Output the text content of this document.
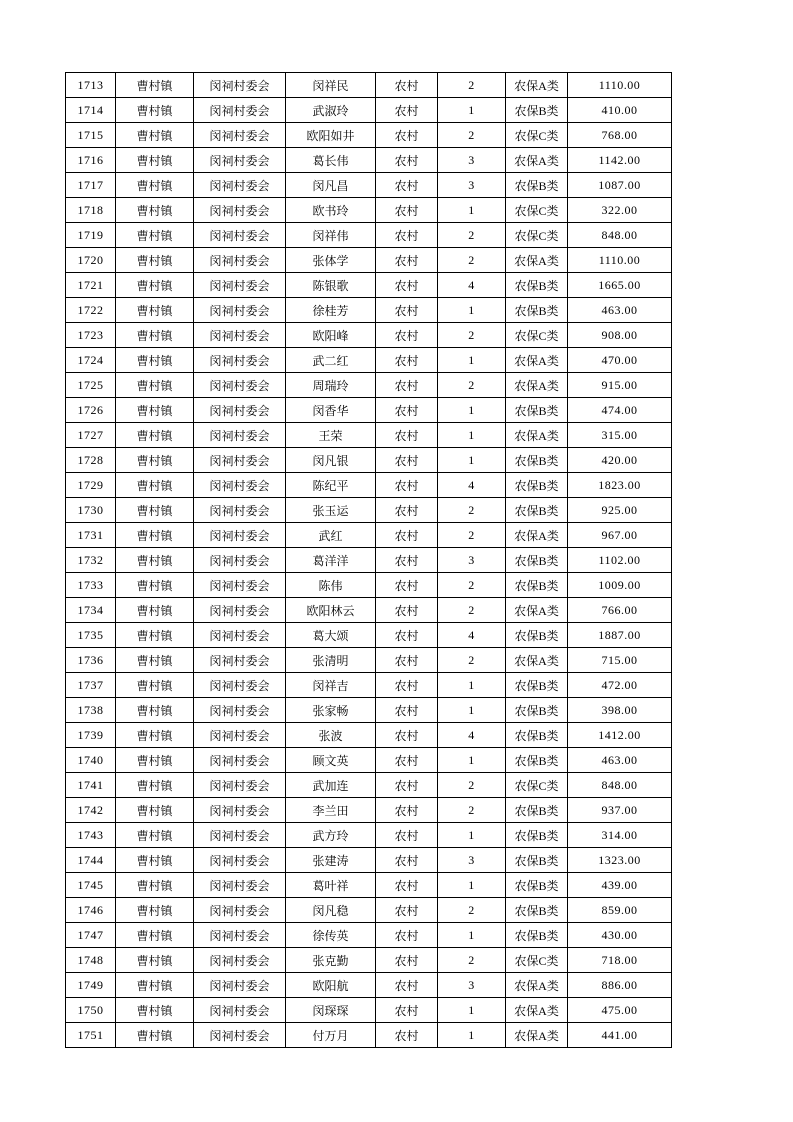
1713	曹村镇	闵祠村委会	闵祥民	农村	2	农保A类	1110.00
1714	曹村镇	闵祠村委会	武淑玲	农村	1	农保B类	410.00
1715	曹村镇	闵祠村委会	欧阳如井	农村	2	农保C类	768.00
1716	曹村镇	闵祠村委会	葛长伟	农村	3	农保A类	1142.00
1717	曹村镇	闵祠村委会	闵凡昌	农村	3	农保B类	1087.00
1718	曹村镇	闵祠村委会	欧书玲	农村	1	农保C类	322.00
1719	曹村镇	闵祠村委会	闵祥伟	农村	2	农保C类	848.00
1720	曹村镇	闵祠村委会	张体学	农村	2	农保A类	1110.00
1721	曹村镇	闵祠村委会	陈银歌	农村	4	农保B类	1665.00
1722	曹村镇	闵祠村委会	徐桂芳	农村	1	农保B类	463.00
1723	曹村镇	闵祠村委会	欧阳峰	农村	2	农保C类	908.00
1724	曹村镇	闵祠村委会	武二红	农村	1	农保A类	470.00
1725	曹村镇	闵祠村委会	周瑞玲	农村	2	农保A类	915.00
1726	曹村镇	闵祠村委会	闵香华	农村	1	农保B类	474.00
1727	曹村镇	闵祠村委会	王荣	农村	1	农保A类	315.00
1728	曹村镇	闵祠村委会	闵凡银	农村	1	农保B类	420.00
1729	曹村镇	闵祠村委会	陈纪平	农村	4	农保B类	1823.00
1730	曹村镇	闵祠村委会	张玉运	农村	2	农保B类	925.00
1731	曹村镇	闵祠村委会	武红	农村	2	农保A类	967.00
1732	曹村镇	闵祠村委会	葛洋洋	农村	3	农保B类	1102.00
1733	曹村镇	闵祠村委会	陈伟	农村	2	农保B类	1009.00
1734	曹村镇	闵祠村委会	欧阳林云	农村	2	农保A类	766.00
1735	曹村镇	闵祠村委会	葛大颂	农村	4	农保B类	1887.00
1736	曹村镇	闵祠村委会	张清明	农村	2	农保A类	715.00
1737	曹村镇	闵祠村委会	闵祥吉	农村	1	农保B类	472.00
1738	曹村镇	闵祠村委会	张家畅	农村	1	农保B类	398.00
1739	曹村镇	闵祠村委会	张波	农村	4	农保B类	1412.00
1740	曹村镇	闵祠村委会	顾文英	农村	1	农保B类	463.00
1741	曹村镇	闵祠村委会	武加连	农村	2	农保C类	848.00
1742	曹村镇	闵祠村委会	李兰田	农村	2	农保B类	937.00
1743	曹村镇	闵祠村委会	武方玲	农村	1	农保B类	314.00
1744	曹村镇	闵祠村委会	张建涛	农村	3	农保B类	1323.00
1745	曹村镇	闵祠村委会	葛叶祥	农村	1	农保B类	439.00
1746	曹村镇	闵祠村委会	闵凡稳	农村	2	农保B类	859.00
1747	曹村镇	闵祠村委会	徐传英	农村	1	农保B类	430.00
1748	曹村镇	闵祠村委会	张克勤	农村	2	农保C类	718.00
1749	曹村镇	闵祠村委会	欧阳航	农村	3	农保A类	886.00
1750	曹村镇	闵祠村委会	闵琛琛	农村	1	农保A类	475.00
1751	曹村镇	闵祠村委会	付万月	农村	1	农保A类	441.00
